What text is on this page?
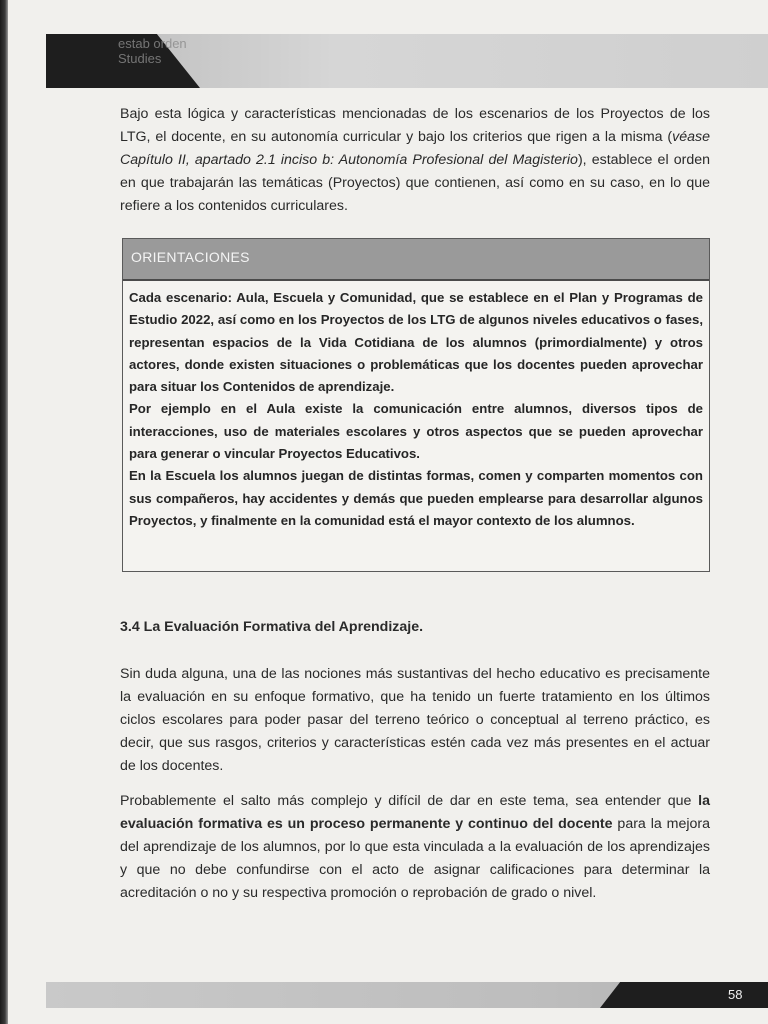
estab orden Studies

Bajo esta lógica y características mencionadas de los escenarios de los Proyectos de los LTG, el docente, en su autonomía curricular y bajo los criterios que rigen a la misma (véase Capítulo II, apartado 2.1 inciso b: Autonomía Profesional del Magisterio), establece el orden en que trabajarán las temáticas (Proyectos) que contienen, así como en su caso, en lo que refiere a los contenidos curriculares.

ORIENTACIONES

Cada escenario: Aula, Escuela y Comunidad, que se establece en el Plan y Programas de Estudio 2022, así como en los Proyectos de los LTG de algunos niveles educativos o fases, representan espacios de la Vida Cotidiana de los alumnos (primordialmente) y otros actores, donde existen situaciones o problemáticas que los docentes pueden aprovechar para situar los Contenidos de aprendizaje.

Por ejemplo en el Aula existe la comunicación entre alumnos, diversos tipos de interacciones, uso de materiales escolares y otros aspectos que se pueden aprovechar para generar o vincular Proyectos Educativos.

En la Escuela los alumnos juegan de distintas formas, comen y comparten momentos con sus compañeros, hay accidentes y demás que pueden emplearse para desarrollar algunos Proyectos, y finalmente en la comunidad está el mayor contexto de los alumnos.

3.4 La Evaluación Formativa del Aprendizaje.

Sin duda alguna, una de las nociones más sustantivas del hecho educativo es precisamente la evaluación en su enfoque formativo, que ha tenido un fuerte tratamiento en los últimos ciclos escolares para poder pasar del terreno teórico o conceptual al terreno práctico, es decir, que sus rasgos, criterios y características estén cada vez más presentes en el actuar de los docentes.

Probablemente el salto más complejo y difícil de dar en este tema, sea entender que la evaluación formativa es un proceso permanente y continuo del docente para la mejora del aprendizaje de los alumnos, por lo que esta vinculada a la evaluación de los aprendizajes y que no debe confundirse con el acto de asignar calificaciones para determinar la acreditación o no y su respectiva promoción o reprobación de grado o nivel.

58
